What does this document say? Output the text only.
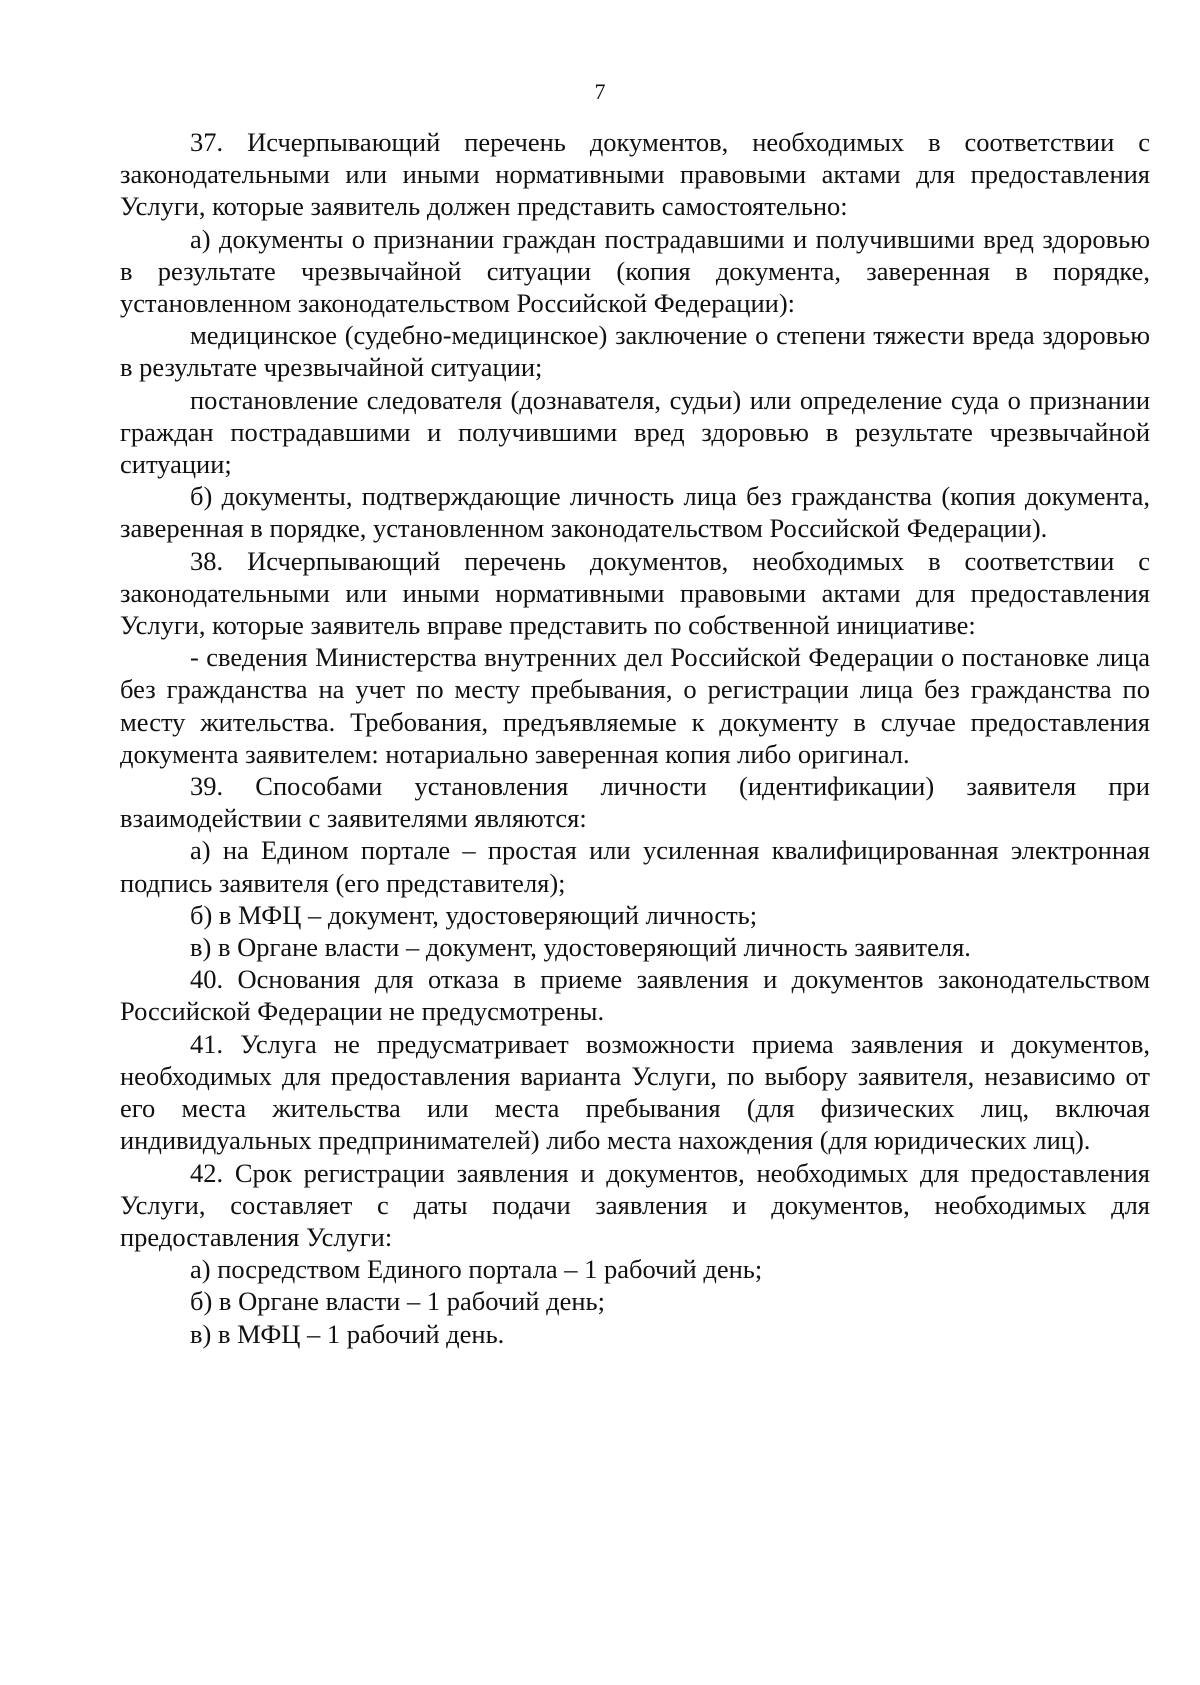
7

37. Исчерпывающий перечень документов, необходимых в соответствии с законодательными или иными нормативными правовыми актами для предоставления Услуги, которые заявитель должен представить самостоятельно:

а) документы о признании граждан пострадавшими и получившими вред здоровью в результате чрезвычайной ситуации (копия документа, заверенная в порядке, установленном законодательством Российской Федерации):

медицинское (судебно-медицинское) заключение о степени тяжести вреда здоровью в результате чрезвычайной ситуации;

постановление следователя (дознавателя, судьи) или определение суда о признании граждан пострадавшими и получившими вред здоровью в результате чрезвычайной ситуации;

б) документы, подтверждающие личность лица без гражданства (копия документа, заверенная в порядке, установленном законодательством Российской Федерации).

38. Исчерпывающий перечень документов, необходимых в соответствии с законодательными или иными нормативными правовыми актами для предоставления Услуги, которые заявитель вправе представить по собственной инициативе:

- сведения Министерства внутренних дел Российской Федерации о постановке лица без гражданства на учет по месту пребывания, о регистрации лица без гражданства по месту жительства. Требования, предъявляемые к документу в случае предоставления документа заявителем: нотариально заверенная копия либо оригинал.

39. Способами установления личности (идентификации) заявителя при взаимодействии с заявителями являются:

а) на Едином портале – простая или усиленная квалифицированная электронная подпись заявителя (его представителя);

б) в МФЦ – документ, удостоверяющий личность;

в) в Органе власти – документ, удостоверяющий личность заявителя.

40. Основания для отказа в приеме заявления и документов законодательством Российской Федерации не предусмотрены.

41. Услуга не предусматривает возможности приема заявления и документов, необходимых для предоставления варианта Услуги, по выбору заявителя, независимо от его места жительства или места пребывания (для физических лиц, включая индивидуальных предпринимателей) либо места нахождения (для юридических лиц).

42. Срок регистрации заявления и документов, необходимых для предоставления Услуги, составляет с даты подачи заявления и документов, необходимых для предоставления Услуги:

а) посредством Единого портала – 1 рабочий день;

б) в Органе власти – 1 рабочий день;

в) в МФЦ – 1 рабочий день.
